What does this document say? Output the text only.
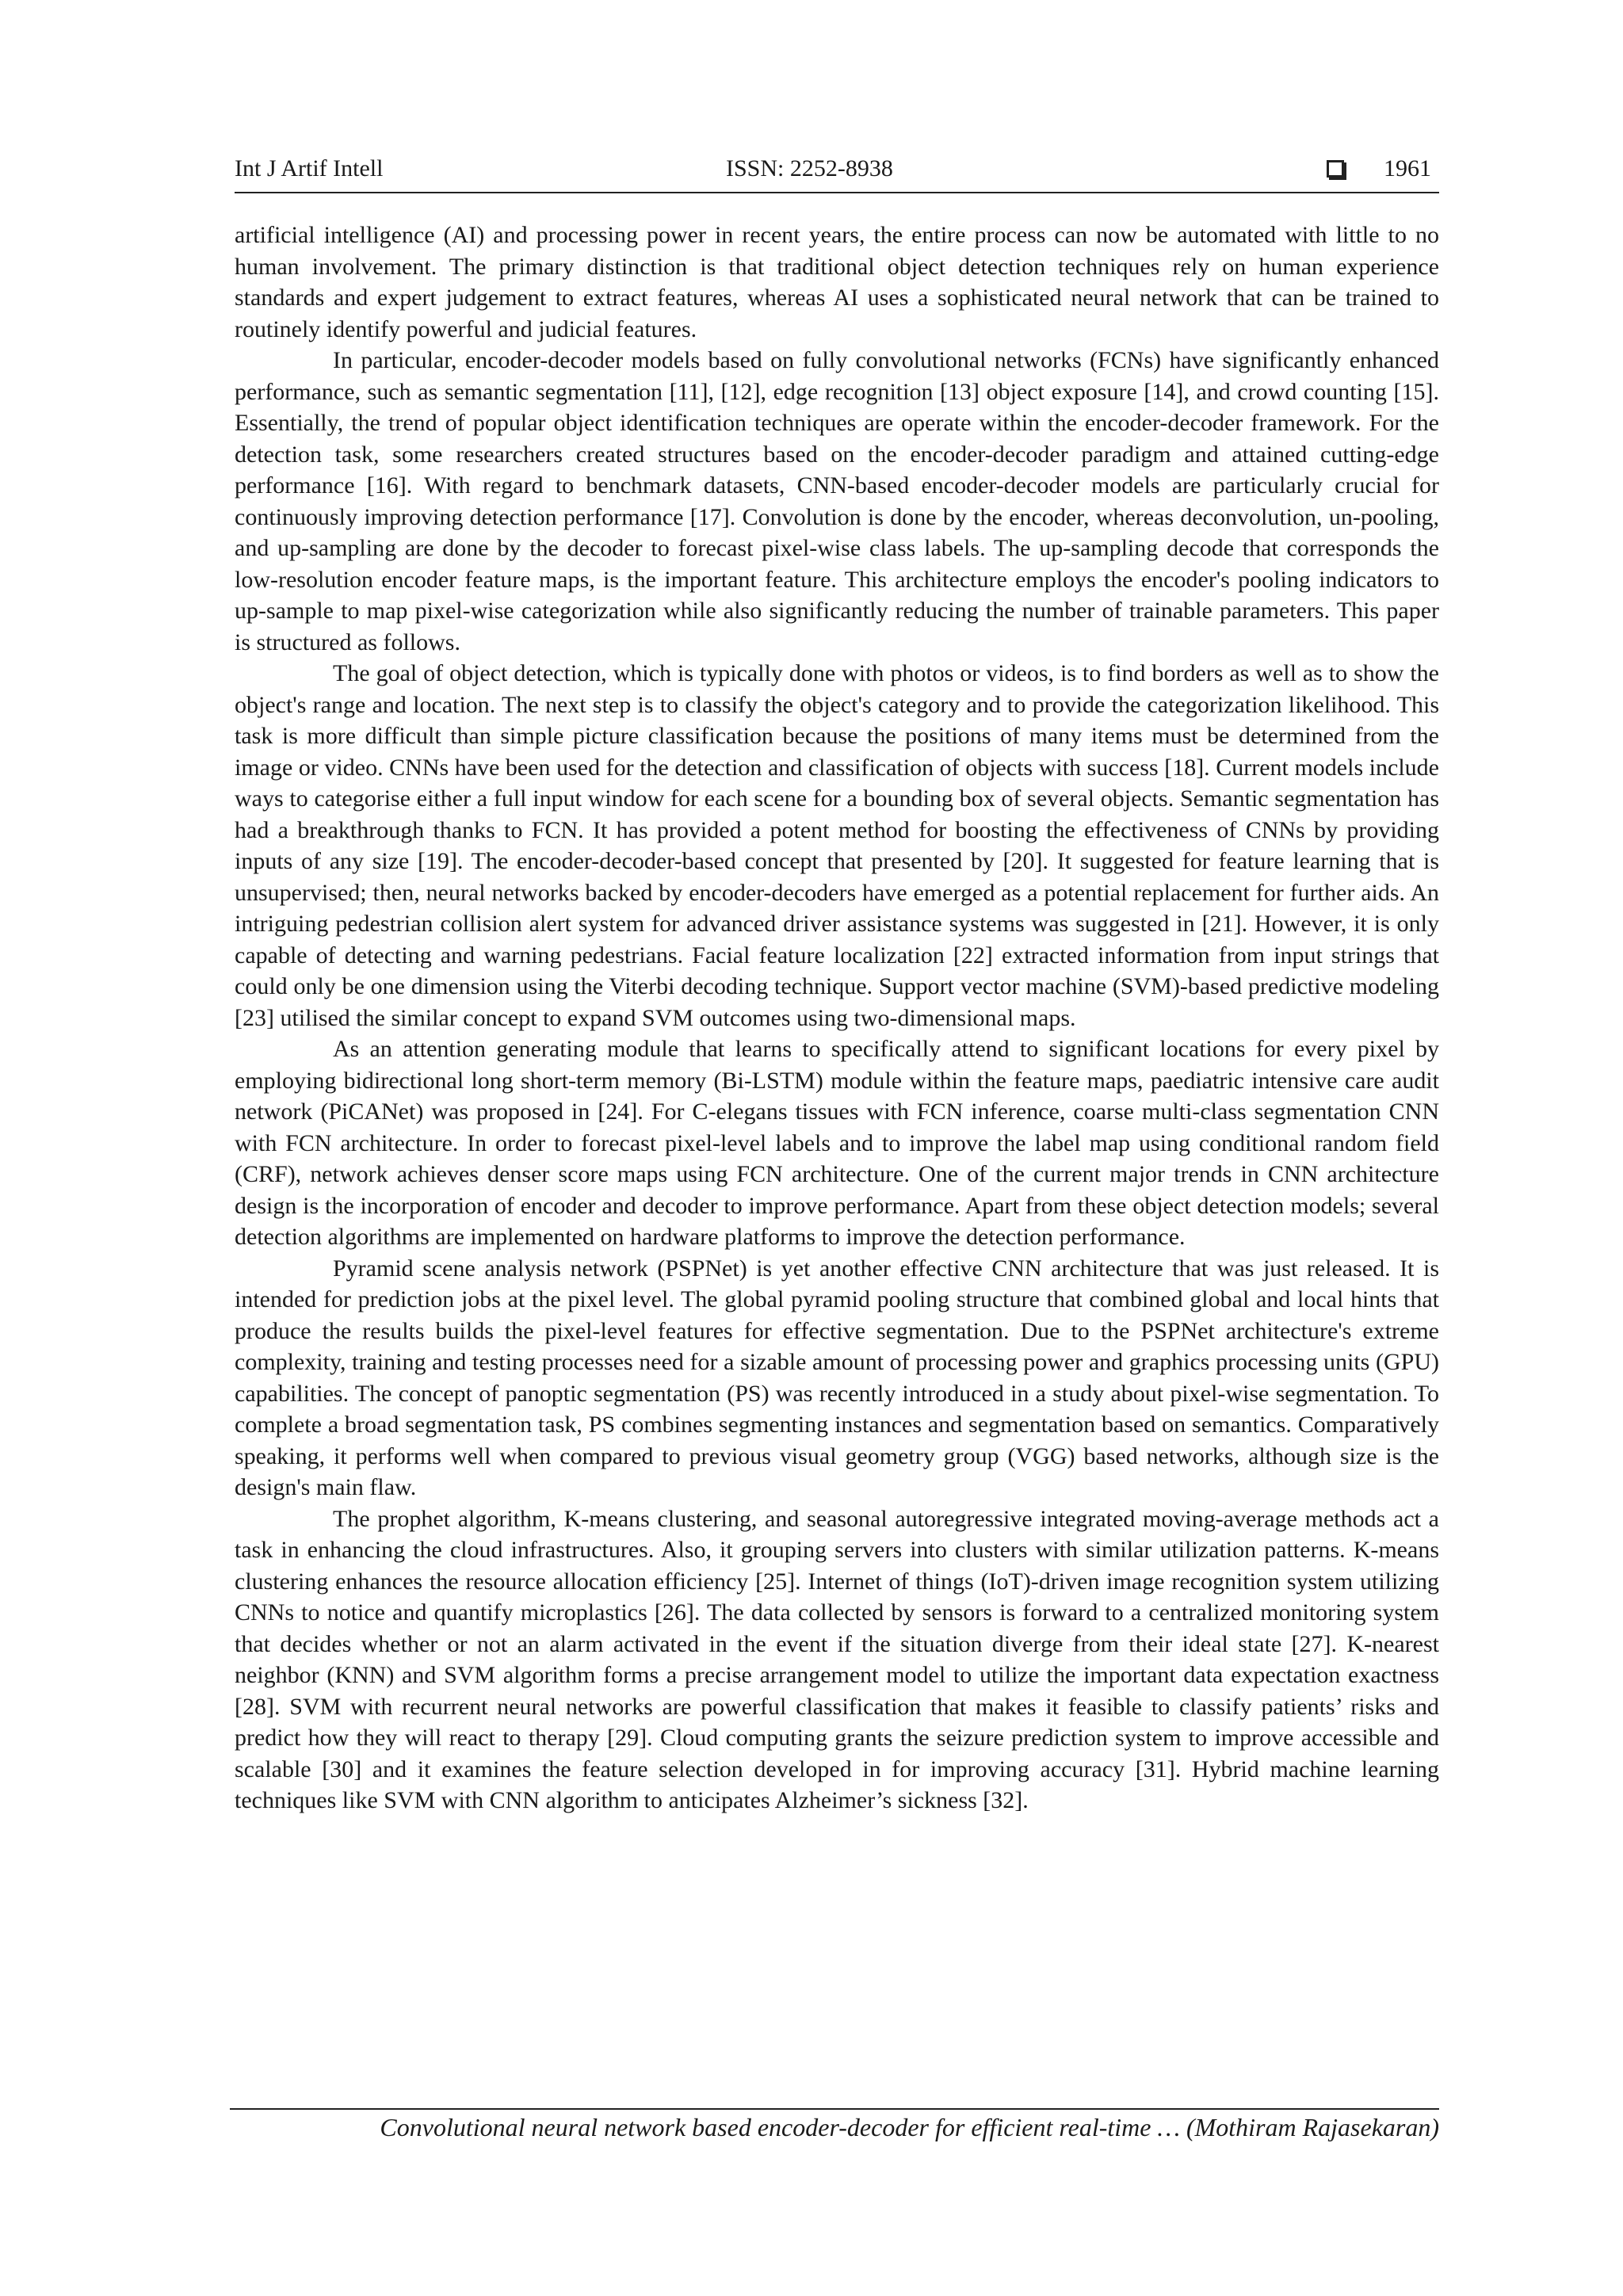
Int J Artif Intell	ISSN: 2252-8938	1961

artificial intelligence (AI) and processing power in recent years, the entire process can now be automated with little to no human involvement. The primary distinction is that traditional object detection techniques rely on human experience standards and expert judgement to extract features, whereas AI uses a sophisticated neural network that can be trained to routinely identify powerful and judicial features.

In particular, encoder-decoder models based on fully convolutional networks (FCNs) have significantly enhanced performance, such as semantic segmentation [11], [12], edge recognition [13] object exposure [14], and crowd counting [15]. Essentially, the trend of popular object identification techniques are operate within the encoder-decoder framework. For the detection task, some researchers created structures based on the encoder-decoder paradigm and attained cutting-edge performance [16]. With regard to benchmark datasets, CNN-based encoder-decoder models are particularly crucial for continuously improving detection performance [17]. Convolution is done by the encoder, whereas deconvolution, un-pooling, and up-sampling are done by the decoder to forecast pixel-wise class labels. The up-sampling decode that corresponds the low-resolution encoder feature maps, is the important feature. This architecture employs the encoder's pooling indicators to up-sample to map pixel-wise categorization while also significantly reducing the number of trainable parameters. This paper is structured as follows.

The goal of object detection, which is typically done with photos or videos, is to find borders as well as to show the object's range and location. The next step is to classify the object's category and to provide the categorization likelihood. This task is more difficult than simple picture classification because the positions of many items must be determined from the image or video. CNNs have been used for the detection and classification of objects with success [18]. Current models include ways to categorise either a full input window for each scene for a bounding box of several objects. Semantic segmentation has had a breakthrough thanks to FCN. It has provided a potent method for boosting the effectiveness of CNNs by providing inputs of any size [19]. The encoder-decoder-based concept that presented by [20]. It suggested for feature learning that is unsupervised; then, neural networks backed by encoder-decoders have emerged as a potential replacement for further aids. An intriguing pedestrian collision alert system for advanced driver assistance systems was suggested in [21]. However, it is only capable of detecting and warning pedestrians. Facial feature localization [22] extracted information from input strings that could only be one dimension using the Viterbi decoding technique. Support vector machine (SVM)-based predictive modeling [23] utilised the similar concept to expand SVM outcomes using two-dimensional maps.

As an attention generating module that learns to specifically attend to significant locations for every pixel by employing bidirectional long short-term memory (Bi-LSTM) module within the feature maps, paediatric intensive care audit network (PiCANet) was proposed in [24]. For C-elegans tissues with FCN inference, coarse multi-class segmentation CNN with FCN architecture. In order to forecast pixel-level labels and to improve the label map using conditional random field (CRF), network achieves denser score maps using FCN architecture. One of the current major trends in CNN architecture design is the incorporation of encoder and decoder to improve performance. Apart from these object detection models; several detection algorithms are implemented on hardware platforms to improve the detection performance.

Pyramid scene analysis network (PSPNet) is yet another effective CNN architecture that was just released. It is intended for prediction jobs at the pixel level. The global pyramid pooling structure that combined global and local hints that produce the results builds the pixel-level features for effective segmentation. Due to the PSPNet architecture's extreme complexity, training and testing processes need for a sizable amount of processing power and graphics processing units (GPU) capabilities. The concept of panoptic segmentation (PS) was recently introduced in a study about pixel-wise segmentation. To complete a broad segmentation task, PS combines segmenting instances and segmentation based on semantics. Comparatively speaking, it performs well when compared to previous visual geometry group (VGG) based networks, although size is the design's main flaw.

The prophet algorithm, K-means clustering, and seasonal autoregressive integrated moving-average methods act a task in enhancing the cloud infrastructures. Also, it grouping servers into clusters with similar utilization patterns. K-means clustering enhances the resource allocation efficiency [25]. Internet of things (IoT)-driven image recognition system utilizing CNNs to notice and quantify microplastics [26]. The data collected by sensors is forward to a centralized monitoring system that decides whether or not an alarm activated in the event if the situation diverge from their ideal state [27]. K-nearest neighbor (KNN) and SVM algorithm forms a precise arrangement model to utilize the important data expectation exactness [28]. SVM with recurrent neural networks are powerful classification that makes it feasible to classify patients’ risks and predict how they will react to therapy [29]. Cloud computing grants the seizure prediction system to improve accessible and scalable [30] and it examines the feature selection developed in for improving accuracy [31]. Hybrid machine learning techniques like SVM with CNN algorithm to anticipates Alzheimer’s sickness [32].

Convolutional neural network based encoder-decoder for efficient real-time … (Mothiram Rajasekaran)
